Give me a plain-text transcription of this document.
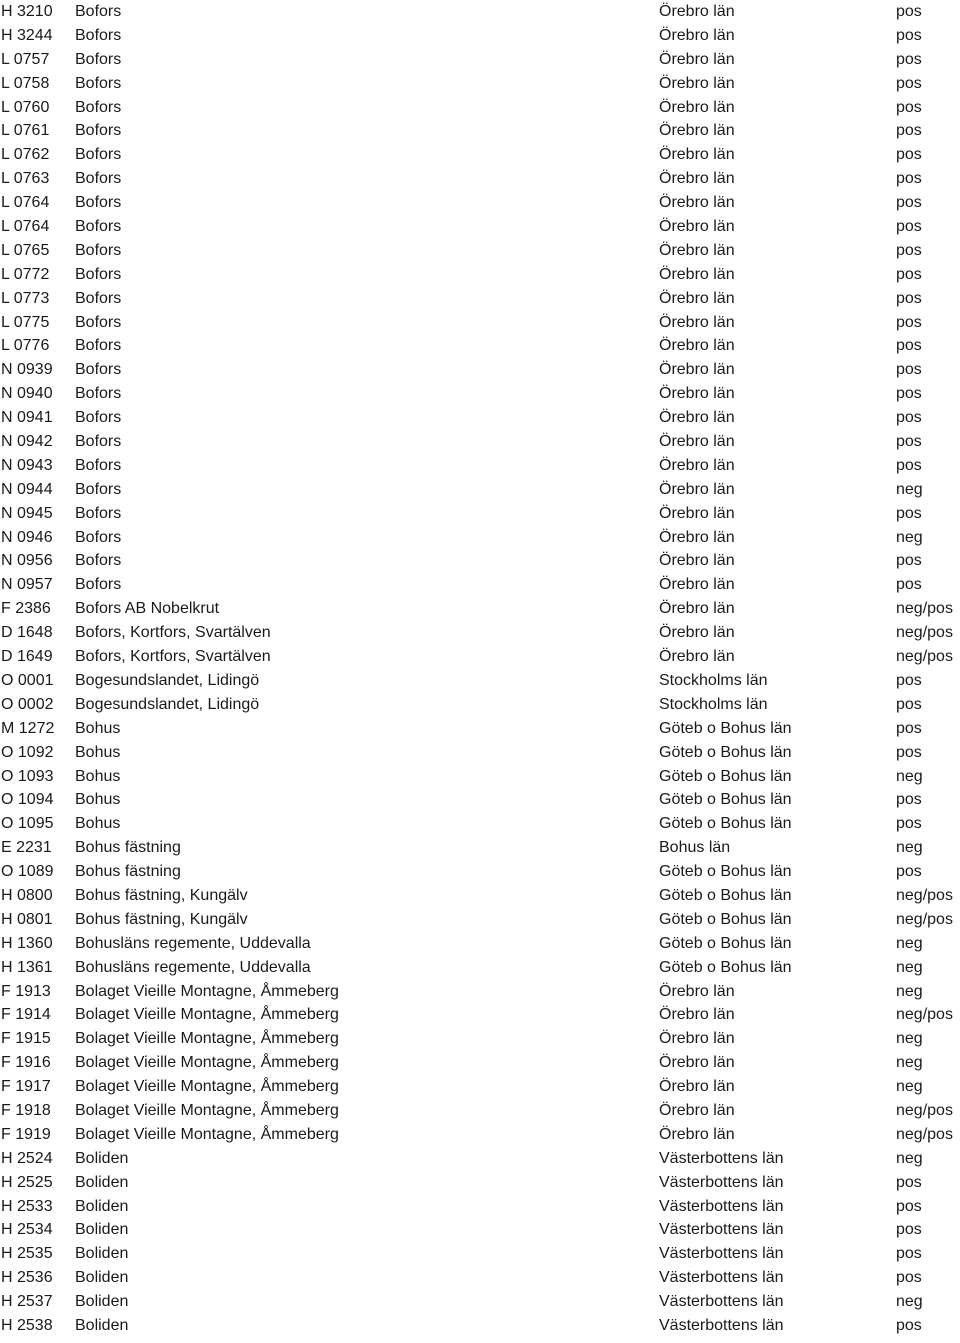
H 3210 Bofors	Örebro län	pos
H 3244 Bofors	Örebro län	pos
L 0757 Bofors	Örebro län	pos
L 0758 Bofors	Örebro län	pos
L 0760 Bofors	Örebro län	pos
L 0761 Bofors	Örebro län	pos
L 0762 Bofors	Örebro län	pos
L 0763 Bofors	Örebro län	pos
L 0764 Bofors	Örebro län	pos
L 0764 Bofors	Örebro län	pos
L 0765 Bofors	Örebro län	pos
L 0772 Bofors	Örebro län	pos
L 0773 Bofors	Örebro län	pos
L 0775 Bofors	Örebro län	pos
L 0776 Bofors	Örebro län	pos
N 0939 Bofors	Örebro län	pos
N 0940 Bofors	Örebro län	pos
N 0941 Bofors	Örebro län	pos
N 0942 Bofors	Örebro län	pos
N 0943 Bofors	Örebro län	pos
N 0944 Bofors	Örebro län	neg
N 0945 Bofors	Örebro län	pos
N 0946 Bofors	Örebro län	neg
N 0956 Bofors	Örebro län	pos
N 0957 Bofors	Örebro län	pos
F 2386 Bofors AB Nobelkrut	Örebro län	neg/pos
D 1648 Bofors, Kortfors, Svartälven	Örebro län	neg/pos
D 1649 Bofors, Kortfors, Svartälven	Örebro län	neg/pos
O 0001 Bogesundslandet, Lidingö	Stockholms län	pos
O 0002 Bogesundslandet, Lidingö	Stockholms län	pos
M 1272 Bohus	Göteb o Bohus län	pos
O 1092 Bohus	Göteb o Bohus län	pos
O 1093 Bohus	Göteb o Bohus län	neg
O 1094 Bohus	Göteb o Bohus län	pos
O 1095 Bohus	Göteb o Bohus län	pos
E 2231 Bohus fästning	Bohus län	neg
O 1089 Bohus fästning	Göteb o Bohus län	pos
H 0800 Bohus fästning, Kungälv	Göteb o Bohus län	neg/pos
H 0801 Bohus fästning, Kungälv	Göteb o Bohus län	neg/pos
H 1360 Bohusläns regemente, Uddevalla	Göteb o Bohus län	neg
H 1361 Bohusläns regemente, Uddevalla	Göteb o Bohus län	neg
F 1913 Bolaget Vieille Montagne, Åmmeberg	Örebro län	neg
F 1914 Bolaget Vieille Montagne, Åmmeberg	Örebro län	neg/pos
F 1915 Bolaget Vieille Montagne, Åmmeberg	Örebro län	neg
F 1916 Bolaget Vieille Montagne, Åmmeberg	Örebro län	neg
F 1917 Bolaget Vieille Montagne, Åmmeberg	Örebro län	neg
F 1918 Bolaget Vieille Montagne, Åmmeberg	Örebro län	neg/pos
F 1919 Bolaget Vieille Montagne, Åmmeberg	Örebro län	neg/pos
H 2524 Boliden	Västerbottens län	neg
H 2525 Boliden	Västerbottens län	pos
H 2533 Boliden	Västerbottens län	pos
H 2534 Boliden	Västerbottens län	pos
H 2535 Boliden	Västerbottens län	pos
H 2536 Boliden	Västerbottens län	pos
H 2537 Boliden	Västerbottens län	neg
H 2538 Boliden	Västerbottens län	pos
